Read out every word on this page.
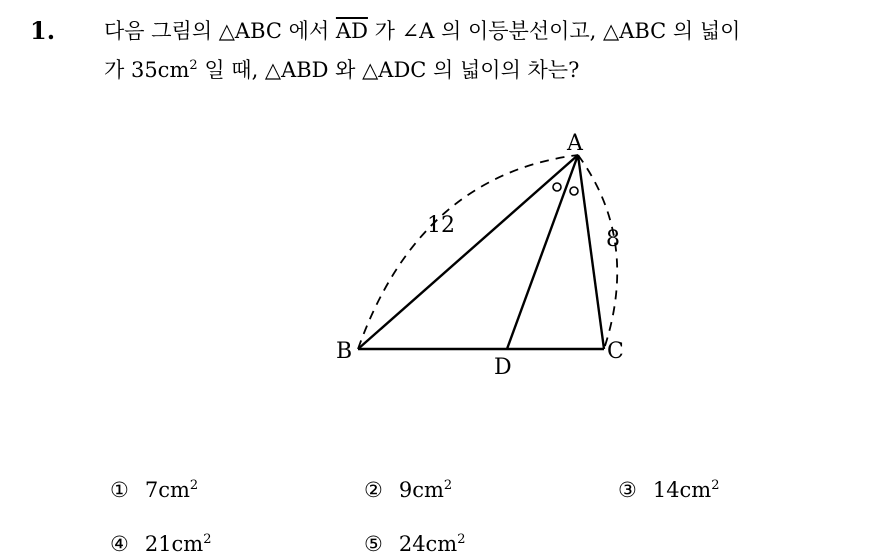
1. 다음 그림의 △ABC 에서 $\overline{AD}$ 가 ∠A 의 이등분선이고, △ABC 의 넓이
가 $35cm^2$ 일 때, △ABD 와 △ADC 의 넓이의 차는?
A
B	C
D
12
8
① $7cm^2$	② $9cm^2$	③ $14cm^2$
④ $21cm^2$	⑤ $24cm^2$
